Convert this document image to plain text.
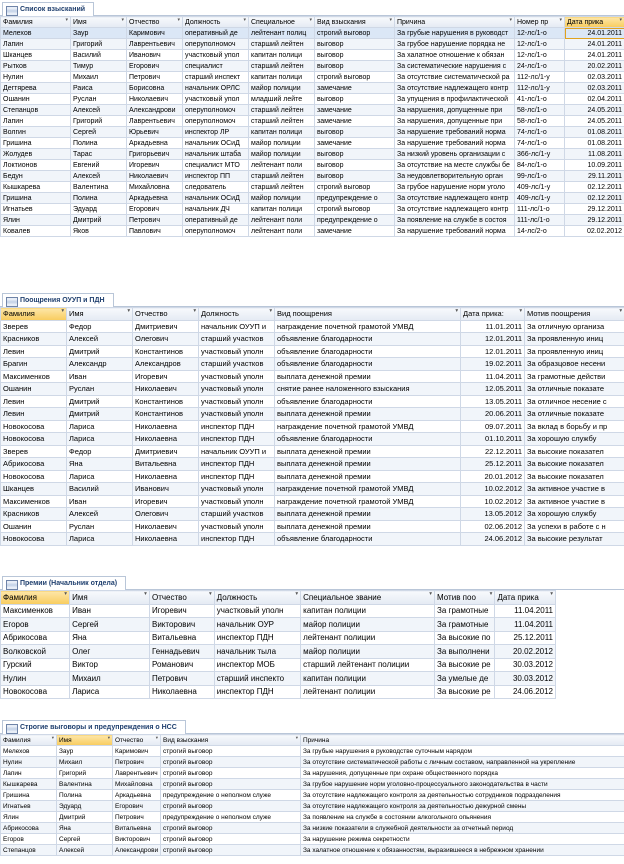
Список взысканий
Фамилия ▾	Имя ▾	Отчество ▾	Должность ▾	Специальное ▾	Вид взыскания ▾	Причина ▾	Номер пр ▾	Дата прика ▾
Мелехов	Заур	Каримович	оперативный де	лейтенант полиц	строгий выговор	За грубые нарушения в руководст	12-лс/1-о	24.01.2011
Лапин	Григорий	Лаврентьевич	оперуполномоч	старший лейтен	выговор	За грубое нарушение порядка не	12-лс/1-о	24.01.2011
Шканцев	Василий	Иванович	участковый упол	капитан полици	выговор	За халатное отношение к обязан	12-лс/1-о	24.01.2011
Рытков	Тимур	Егорович	специалист	старший лейтен	выговор	За систематические нарушения с	24-лс/1-о	20.02.2011
Нулин	Михаил	Петрович	старший инспект	капитан полици	строгий выговор	За отсутствие систематической ра	112-лс/1-у	02.03.2011
Дегтярева	Раиса	Борисовна	начальник ОРЛС	майор полиции	замечание	За отсутствие надлежащего контр	112-лс/1-у	02.03.2011
Ошанин	Руслан	Николаевич	участковый упол	младший лейте	выговор	За упущения в профилактической	41-лс/1-о	02.04.2011
Степанцов	Алексей	Александрови	оперуполномоч	старший лейтен	замечание	За нарушения, допущенные при	58-лс/1-о	24.05.2011
Лапин	Григорий	Лаврентьевич	оперуполномоч	старший лейтен	замечание	За нарушения, допущенные при	58-лс/1-о	24.05.2011
Волгин	Сергей	Юрьевич	инспектор ЛР	капитан полици	выговор	За нарушение требований норма	74-лс/1-о	01.08.2011
Гришина	Полина	Аркадьевна	начальник ОСиД	майор полиции	замечание	За нарушение требований норма	74-лс/1-о	01.08.2011
Жолудев	Тарас	Григорьевич	начальник штаба	майор полиции	выговор	За низкий уровень организации с	366-лс/1-у	11.08.2011
Локтионов	Евгений	Игоревич	специалист МТО	лейтенант поли	выговор	За отсутствие на месте службы бе	84-лс/1-о	10.09.2011
Бедун	Алексей	Николаевич	инспектор ПП	старший лейтен	выговор	За неудовлетворительную орган	99-лс/1-о	29.11.2011
Кышкарева	Валентина	Михайловна	следователь	старший лейтен	строгий выговор	За грубое нарушение норм уголо	409-лс/1-у	02.12.2011
Гришина	Полина	Аркадьевна	начальник ОСиД	майор полиции	предупреждение о	За отсутствие надлежащего контр	409-лс/1-у	02.12.2011
Игнатьев	Эдуард	Егорович	начальник ДЧ	капитан полици	строгий выговор	За отсутствие надлежащего контр	111-лс/1-о	29.12.2011
Ялин	Дмитрий	Петрович	оперативный де	лейтенант поли	предупреждение о	За появление на службе в состоя	111-лс/1-о	29.12.2011
Ковалев	Яков	Павлович	оперуполномоч	лейтенант поли	замечание	За нарушение требований норма	14-лс/2-о	02.02.2012
Поощрения ОУУП и ПДН
Фамилия ▾	Имя ▾	Отчество ▾	Должность ▾	Вид поощрения ▾	Дата прика: ▾	Мотив поощрения ▾
Зверев	Федор	Дмитриевич	начальник ОУУП и	награждение почетной грамотой УМВД	11.01.2011	За отличную организа
Красников	Алексей	Олегович	старший участков	объявление благодарности	12.01.2011	За проявленную иниц
Левин	Дмитрий	Константинов	участковый уполн	объявление благодарности	12.01.2011	За проявленную иниц
Брагин	Александр	Александров	старший участков	объявление благодарности	19.02.2011	За образцовое несени
Максименков	Иван	Игоревич	участковый уполн	выплата денежной премии	11.04.2011	За грамотные действи
Ошанин	Руслан	Николаевич	участковый уполн	снятие ранее наложенного взыскания	12.05.2011	За отличные показате
Левин	Дмитрий	Константинов	участковый уполн	объявление благодарности	13.05.2011	За отличное несение с
Левин	Дмитрий	Константинов	участковый уполн	выплата денежной премии	20.06.2011	За отличные показате
Новокосова	Лариса	Николаевна	инспектор ПДН	награждение почетной грамотой УМВД	09.07.2011	За вклад в борьбу и пр
Новокосова	Лариса	Николаевна	инспектор ПДН	объявление благодарности	01.10.2011	За хорошую службу
Зверев	Федор	Дмитриевич	начальник ОУУП и	выплата денежной премии	22.12.2011	За высокие показател
Абрикосова	Яна	Витальевна	инспектор ПДН	выплата денежной премии	25.12.2011	За высокие показател
Новокосова	Лариса	Николаевна	инспектор ПДН	выплата денежной премии	20.01.2012	За высокие показател
Шканцев	Василий	Иванович	участковый уполн	награждение почетной грамотой УМВД	10.02.2012	За активное участие в
Максименков	Иван	Игоревич	участковый уполн	награждение почетной грамотой УМВД	10.02.2012	За активное участие в
Красников	Алексей	Олегович	старший участков	выплата денежной премии	13.05.2012	За хорошую службу
Ошанин	Руслан	Николаевич	участковый уполн	выплата денежной премии	02.06.2012	За успехи в работе с н
Новокосова	Лариса	Николаевна	инспектор ПДН	объявление благодарности	24.06.2012	За высокие результат
Премии (Начальник отдела)
Фамилия ▾	Имя ▾	Отчество ▾	Должность ▾	Специальное звание ▾	Мотив поо ▾	Дата прика ▾
Максименков	Иван	Игоревич	участковый уполн	капитан полиции	За грамотные	11.04.2011
Егоров	Сергей	Викторович	начальник ОУР	майор полиции	За грамотные	11.04.2011
Абрикосова	Яна	Витальевна	инспектор ПДН	лейтенант полиции	За высокие по	25.12.2011
Волковской	Олег	Геннадьевич	начальник тыла	майор полиции	За выполнени	20.02.2012
Гурский	Виктор	Романович	инспектор МОБ	старший лейтенант полиции	За высокие ре	30.03.2012
Нулин	Михаил	Петрович	старший инспекто	капитан полиции	За умелые де	30.03.2012
Новокосова	Лариса	Николаевна	инспектор ПДН	лейтенант полиции	За высокие ре	24.06.2012
Строгие выговоры и предупреждения о НСС
Фамилия ▾	Имя ▾	Отчество ▾	Вид взыскания ▾	Причина ▾
Мелехов	Заур	Каримович	строгий выговор	За грубые нарушения в руководстве суточным нарядом
Нулин	Михаил	Петрович	строгий выговор	За отсутствие систематической работы с личным составом, направленной на укрепление
Лапин	Григорий	Лаврентьевич	строгий выговор	За нарушения, допущенные при охране общественного порядка
Кышкарева	Валентина	Михайловна	строгий выговор	За грубое нарушение норм уголовно-процессуального законодательства в части
Гришина	Полина	Аркадьевна	предупреждение о неполном служе	За отсутствие надлежащего контроля за деятельностью сотрудников подразделения
Игнатьев	Эдуард	Егорович	строгий выговор	За отсутствие надлежащего контроля за деятельностью дежурной смены
Ялин	Дмитрий	Петрович	предупреждение о неполном служе	За появление на службе в состоянии алкогольного опьянения
Абрикосова	Яна	Витальевна	строгий выговор	За низкие показатели в служебной деятельности за отчетный период
Егоров	Сергей	Викторович	строгий выговор	За нарушение режима секретности
Степанцов	Алексей	Александрови	строгий выговор	За халатное отношение к обязанностям, выразившееся в небрежном хранении
